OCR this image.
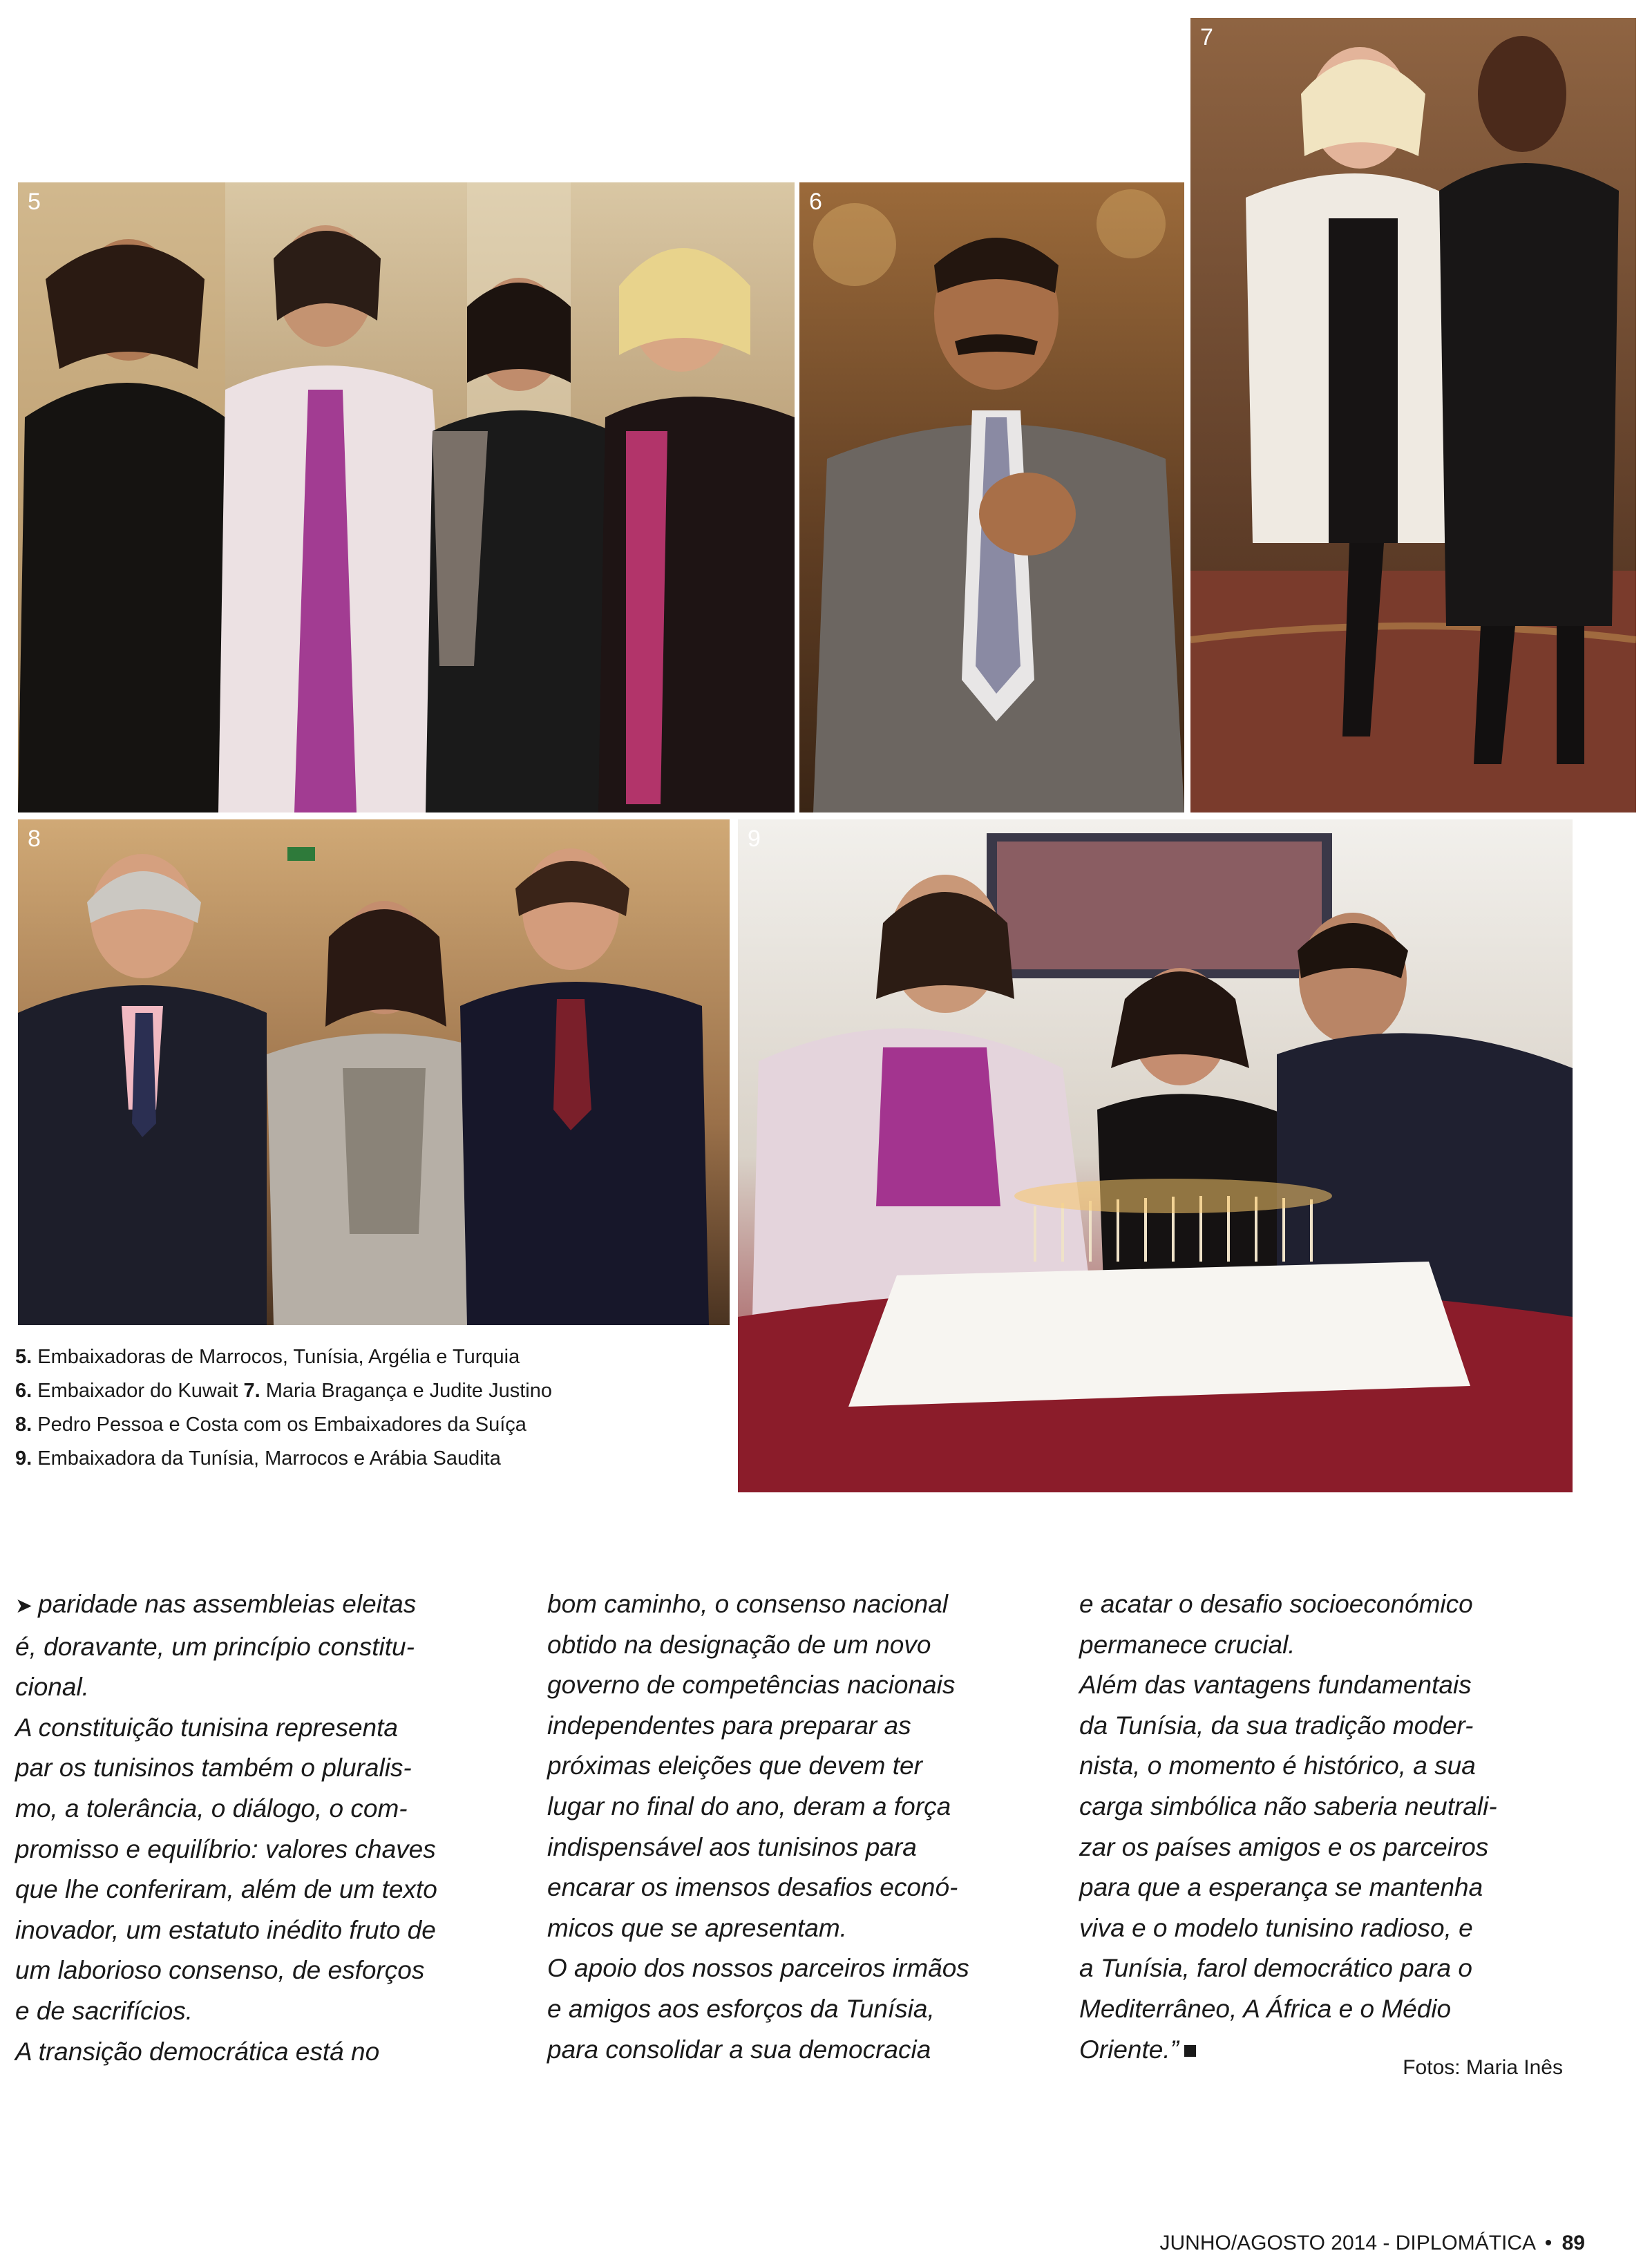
5	6
7
8	9
5. Embaixadoras de Marrocos, Tunísia, Argélia e Turquia
6. Embaixador do Kuwait 7. Maria Bragança e Judite Justino
8. Pedro Pessoa e Costa com os Embaixadores da Suíça
9. Embaixadora da Tunísia, Marrocos e Arábia Saudita
➤ paridade nas assembleias eleitas
é, doravante, um princípio constitu-
cional.
A constituição tunisina representa
par os tunisinos também o pluralis-
mo, a tolerância, o diálogo, o com-
promisso e equilíbrio: valores chaves
que lhe conferiram, além de um texto
inovador, um estatuto inédito fruto de
um laborioso consenso, de esforços
e de sacrifícios.
A transição democrática está no
bom caminho, o consenso nacional
obtido na designação de um novo
governo de competências nacionais
independentes para preparar as
próximas eleições que devem ter
lugar no final do ano, deram a força
indispensável aos tunisinos para
encarar os imensos desafios econó-
micos que se apresentam.
O apoio dos nossos parceiros irmãos
e amigos aos esforços da Tunísia,
para consolidar a sua democracia
e acatar o desafio socioeconómico
permanece crucial.
Além das vantagens fundamentais
da Tunísia, da sua tradição moder-
nista, o momento é histórico, a sua
carga simbólica não saberia neutrali-
zar os países amigos e os parceiros
para que a esperança se mantenha
viva e o modelo tunisino radioso, e
a Tunísia, farol democrático para o
Mediterrâneo, A África e o Médio
Oriente.”
Fotos: Maria Inês
JUNHO/AGOSTO 2014 - DIPLOMÁTICA • 89
